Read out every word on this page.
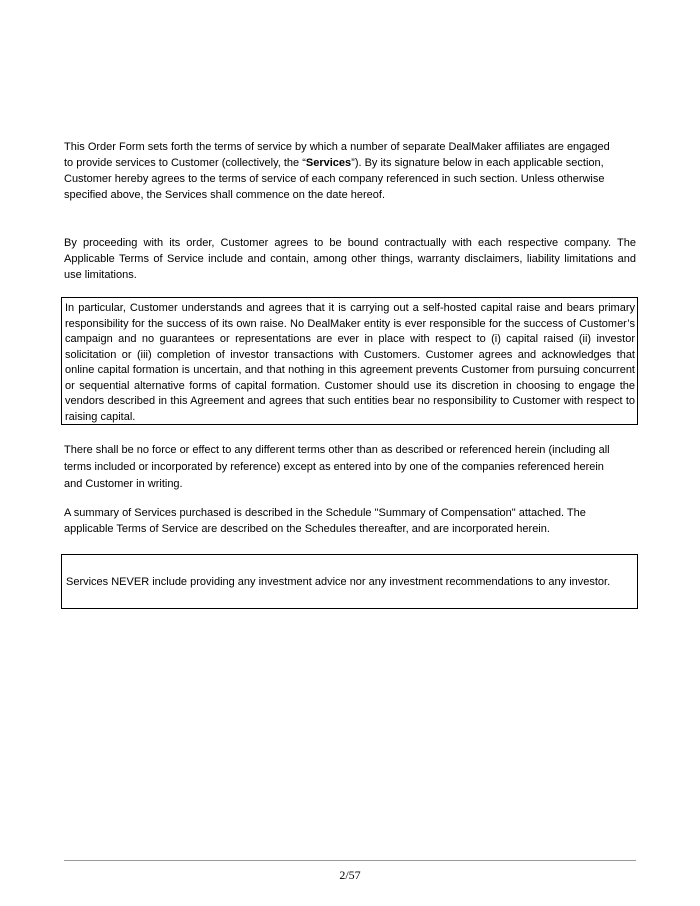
This Order Form sets forth the terms of service by which a number of separate DealMaker affiliates are engaged
to provide services to Customer (collectively, the “Services”). By its signature below in each applicable section,
Customer hereby agrees to the terms of service of each company referenced in such section. Unless otherwise
specified above, the Services shall commence on the date hereof.

By proceeding with its order, Customer agrees to be bound contractually with each respective company. The Applicable Terms of Service include and contain, among other things, warranty disclaimers, liability limitations and use limitations.

In particular, Customer understands and agrees that it is carrying out a self-hosted capital raise and bears primary responsibility for the success of its own raise. No DealMaker entity is ever responsible for the success of Customer’s campaign and no guarantees or representations are ever in place with respect to (i) capital raised (ii) investor solicitation or (iii) completion of investor transactions with Customers. Customer agrees and acknowledges that online capital formation is uncertain, and that nothing in this agreement prevents Customer from pursuing concurrent or sequential alternative forms of capital formation. Customer should use its discretion in choosing to engage the vendors described in this Agreement and agrees that such entities bear no responsibility to Customer with respect to raising capital.

There shall be no force or effect to any different terms other than as described or referenced herein (including all
terms included or incorporated by reference) except as entered into by one of the companies referenced herein
and Customer in writing.

A summary of Services purchased is described in the Schedule "Summary of Compensation" attached. The
applicable Terms of Service are described on the Schedules thereafter, and are incorporated herein.

Services NEVER include providing any investment advice nor any investment recommendations to any investor.

2/57
